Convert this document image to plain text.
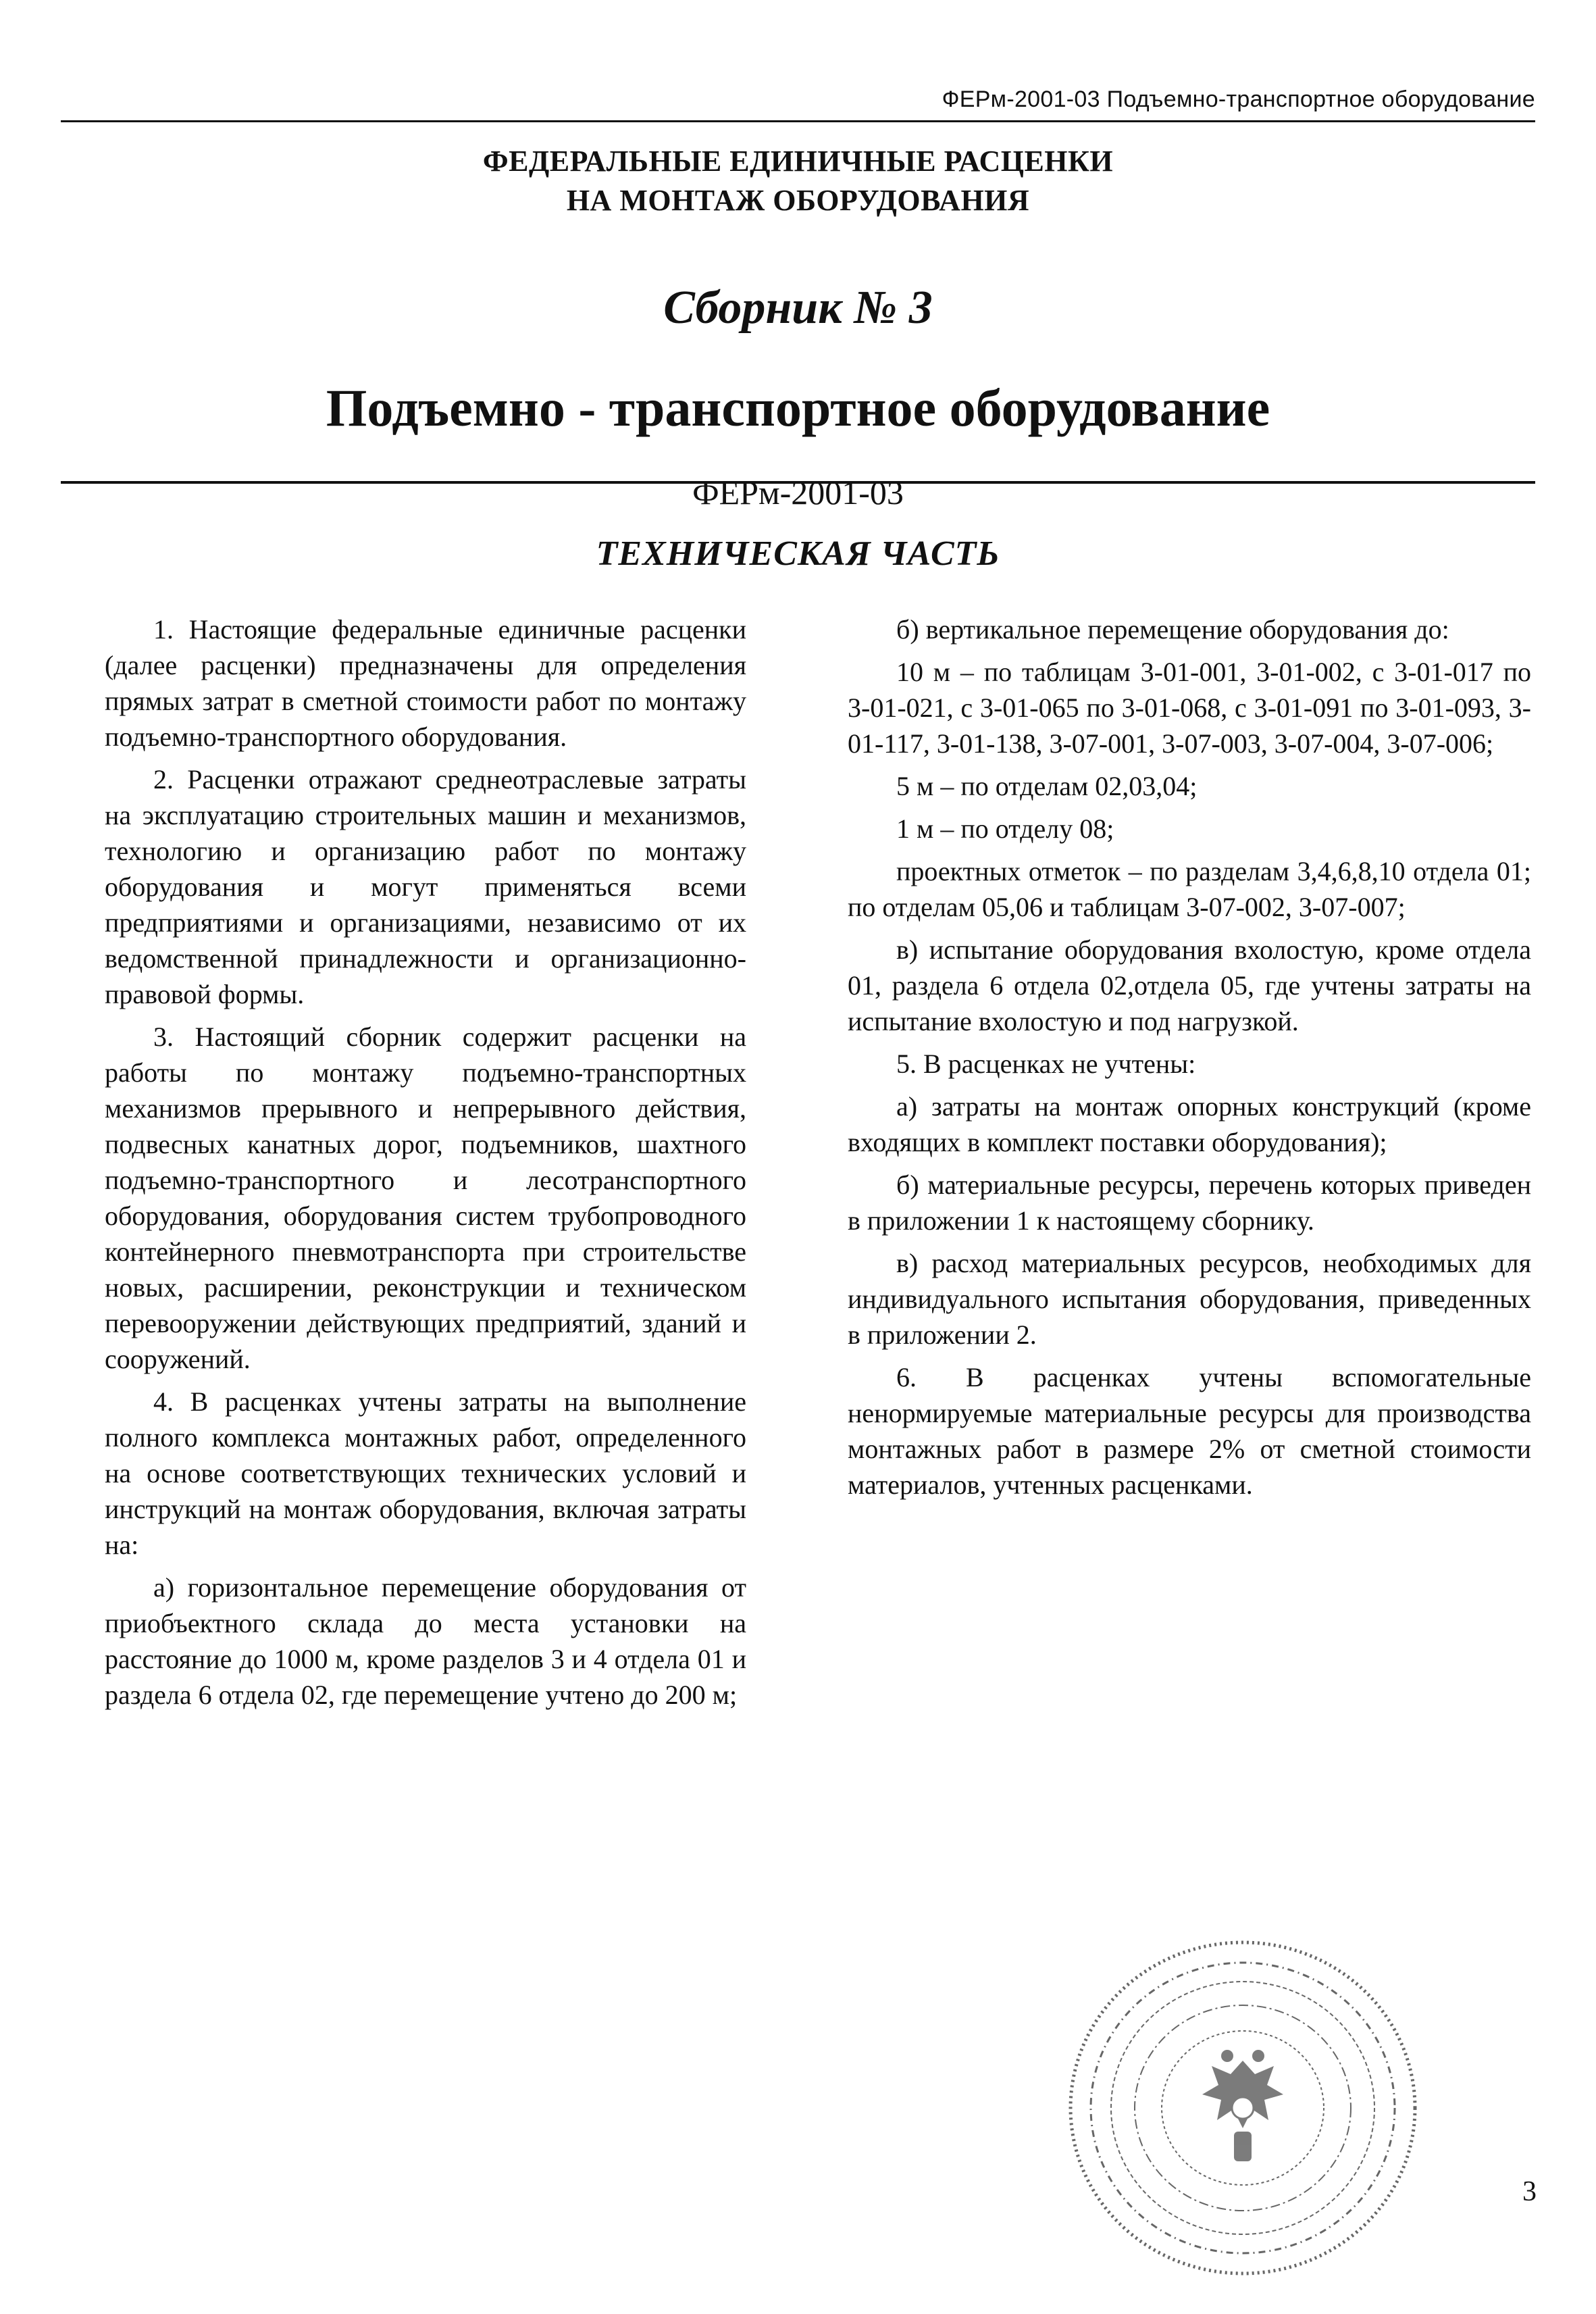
ФЕРм-2001-03 Подъемно-транспортное оборудование

ФЕДЕРАЛЬНЫЕ ЕДИНИЧНЫЕ РАСЦЕНКИ

НА МОНТАЖ ОБОРУДОВАНИЯ

Сборник № 3

Подъемно - транспортное оборудование

ФЕРм-2001-03

ТЕХНИЧЕСКАЯ ЧАСТЬ

1. Настоящие федеральные единичные расценки (далее расценки) предназначены для определения прямых затрат в сметной стоимости работ по монтажу подъемно-транспортного оборудования.

2. Расценки отражают среднеотраслевые затраты на эксплуатацию строительных машин и механизмов, технологию и организацию работ по монтажу оборудования и могут применяться всеми предприятиями и организациями, независимо от их ведомственной принадлежности и организационно-правовой формы.

3. Настоящий сборник содержит расценки на работы по монтажу подъемно-транспортных механизмов прерывного и непрерывного действия, подвесных канатных дорог, подъемников, шахтного подъемно-транспортного и лесотранспортного оборудования, оборудования систем трубопроводного контейнерного пневмотранспорта при строительстве новых, расширении, реконструкции и техническом перевооружении действующих предприятий, зданий и сооружений.

4. В расценках учтены затраты на выполнение полного комплекса монтажных работ, определенного на основе соответствующих технических условий и инструкций на монтаж оборудования, включая затраты на:

а) горизонтальное перемещение оборудования от приобъектного склада до места установки на расстояние до 1000 м, кроме разделов 3 и 4 отдела 01 и раздела 6 отдела 02, где перемещение учтено до 200 м;

б) вертикальное перемещение оборудования до:

10 м – по таблицам 3-01-001, 3-01-002, с 3-01-017 по 3-01-021, с 3-01-065 по 3-01-068, с 3-01-091 по 3-01-093, 3-01-117, 3-01-138, 3-07-001, 3-07-003, 3-07-004, 3-07-006;

5 м – по отделам 02,03,04;

1 м – по отделу 08;

проектных отметок – по разделам 3,4,6,8,10 отдела 01; по отделам 05,06 и таблицам 3-07-002, 3-07-007;

в) испытание оборудования вхолостую, кроме отдела 01, раздела 6 отдела 02,отдела 05, где учтены затраты на испытание вхолостую и под нагрузкой.

5. В расценках не учтены:

а) затраты на монтаж опорных конструкций (кроме входящих в комплект поставки оборудования);

б) материальные ресурсы, перечень которых приведен в приложении 1 к настоящему сборнику.

в) расход материальных ресурсов, необходимых для индивидуального испытания оборудования, приведенных в приложении 2.

6. В расценках учтены вспомогательные ненормируемые материальные ресурсы для производства монтажных работ в размере 2% от сметной стоимости материалов, учтенных расценками.

3
